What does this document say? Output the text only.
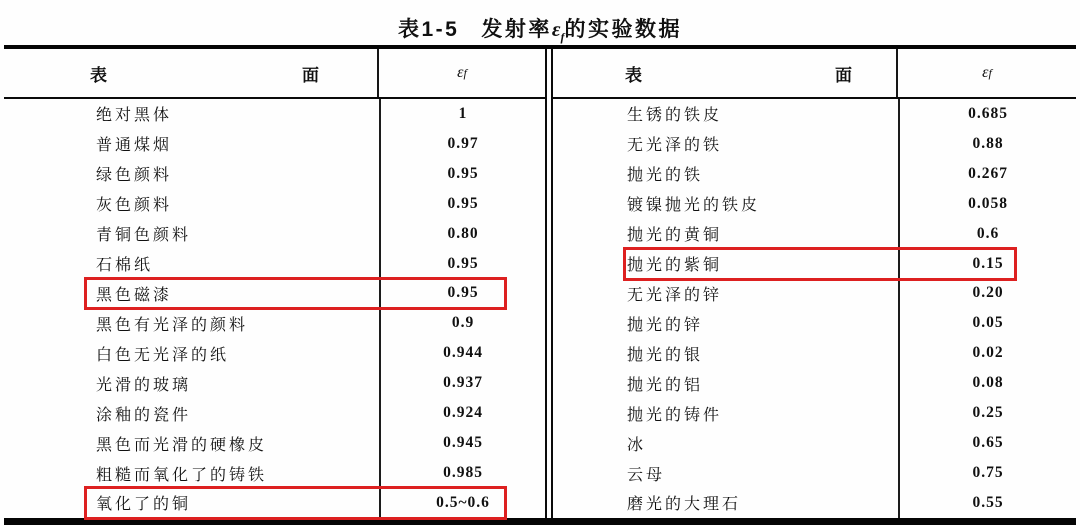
表1-5 发射率$\varepsilon_f$的实验数据
表	面	ε f
绝对黑体	1
普通煤烟	0.97
绿色颜料	0.95
灰色颜料	0.95
青铜色颜料	0.80
石棉纸	0.95
黑色磁漆	0.95
黑色有光泽的颜料	0.9
白色无光泽的纸	0.944
光滑的玻璃	0.937
涂釉的瓷件	0.924
黑色而光滑的硬橡皮	0.945
粗糙而氧化了的铸铁	0.985
氧化了的铜	0.5~0.6
表	面	ε f
生锈的铁皮	0.685
无光泽的铁	0.88
抛光的铁	0.267
镀镍抛光的铁皮	0.058
抛光的黄铜	0.6
抛光的紫铜	0.15
无光泽的锌	0.20
抛光的锌	0.05
抛光的银	0.02
抛光的铝	0.08
抛光的铸件	0.25
冰	0.65
云母	0.75
磨光的大理石	0.55
